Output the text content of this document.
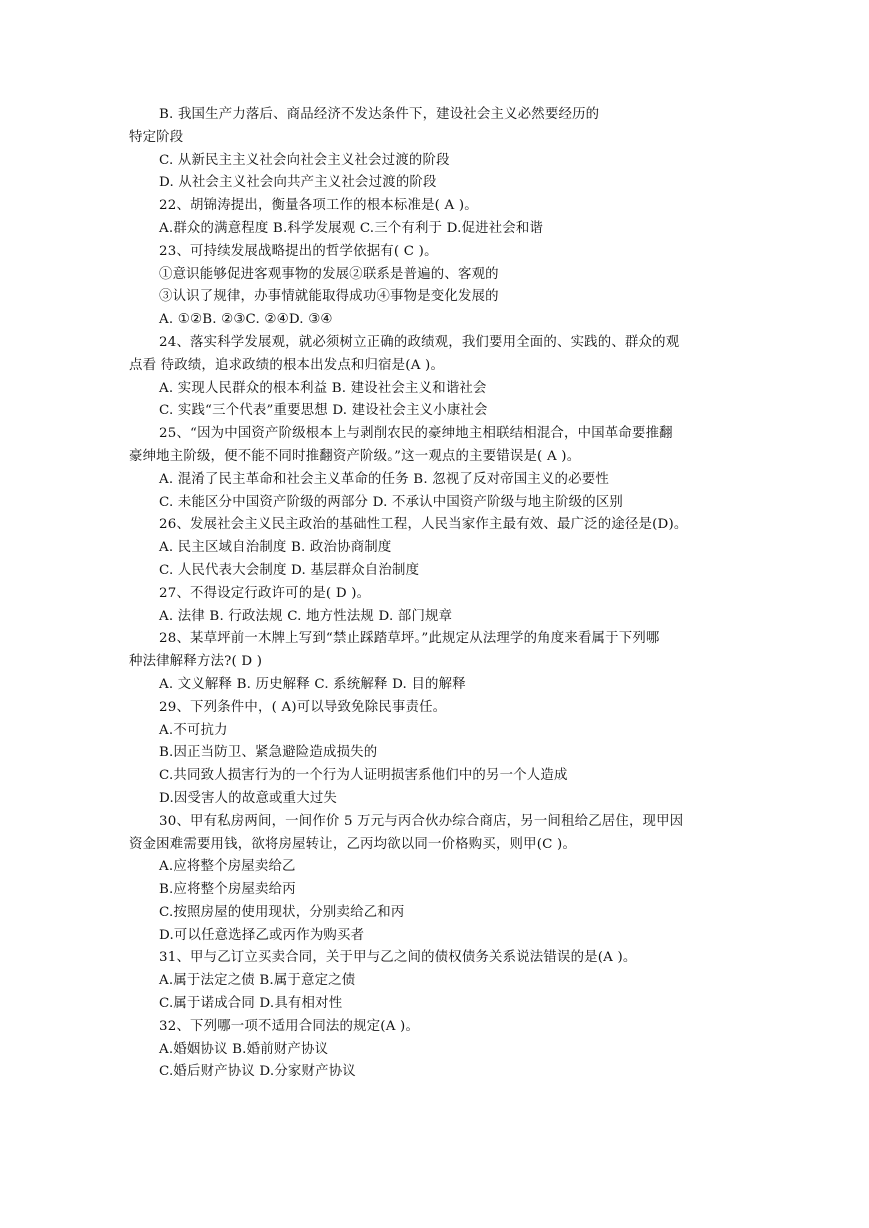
B. 我国生产力落后、商品经济不发达条件下，建设社会主义必然要经历的
特定阶段
C. 从新民主主义社会向社会主义社会过渡的阶段
D. 从社会主义社会向共产主义社会过渡的阶段
22、胡锦涛提出，衡量各项工作的根本标准是( A )。
A.群众的满意程度 B.科学发展观 C.三个有利于 D.促进社会和谐
23、可持续发展战略提出的哲学依据有( C )。
①意识能够促进客观事物的发展②联系是普遍的、客观的
③认识了规律，办事情就能取得成功④事物是变化发展的
A. ①②B. ②③C. ②④D. ③④
24、落实科学发展观，就必须树立正确的政绩观，我们要用全面的、实践的、群众的观
点看 待政绩，追求政绩的根本出发点和归宿是(A )。
A. 实现人民群众的根本利益 B. 建设社会主义和谐社会
C. 实践“三个代表”重要思想 D. 建设社会主义小康社会
25、“因为中国资产阶级根本上与剥削农民的豪绅地主相联结相混合，中国革命要推翻
豪绅地主阶级，便不能不同时推翻资产阶级。”这一观点的主要错误是( A )。
A. 混淆了民主革命和社会主义革命的任务 B. 忽视了反对帝国主义的必要性
C. 未能区分中国资产阶级的两部分 D. 不承认中国资产阶级与地主阶级的区别
26、发展社会主义民主政治的基础性工程，人民当家作主最有效、最广泛的途径是(D)。
A. 民主区域自治制度 B. 政治协商制度
C. 人民代表大会制度 D. 基层群众自治制度
27、不得设定行政许可的是( D )。
A. 法律 B. 行政法规 C. 地方性法规 D. 部门规章
28、某草坪前一木牌上写到“禁止踩踏草坪。”此规定从法理学的角度来看属于下列哪
种法律解释方法?( D )
A. 文义解释 B. 历史解释 C. 系统解释 D. 目的解释
29、下列条件中，( A)可以导致免除民事责任。
A.不可抗力
B.因正当防卫、紧急避险造成损失的
C.共同致人损害行为的一个行为人证明损害系他们中的另一个人造成
D.因受害人的故意或重大过失
30、甲有私房两间，一间作价 5 万元与丙合伙办综合商店，另一间租给乙居住，现甲因
资金困难需要用钱，欲将房屋转让，乙丙均欲以同一价格购买，则甲(C )。
A.应将整个房屋卖给乙
B.应将整个房屋卖给丙
C.按照房屋的使用现状，分别卖给乙和丙
D.可以任意选择乙或丙作为购买者
31、甲与乙订立买卖合同，关于甲与乙之间的债权债务关系说法错误的是(A )。
A.属于法定之债 B.属于意定之债
C.属于诺成合同 D.具有相对性
32、下列哪一项不适用合同法的规定(A )。
A.婚姻协议 B.婚前财产协议
C.婚后财产协议 D.分家财产协议
